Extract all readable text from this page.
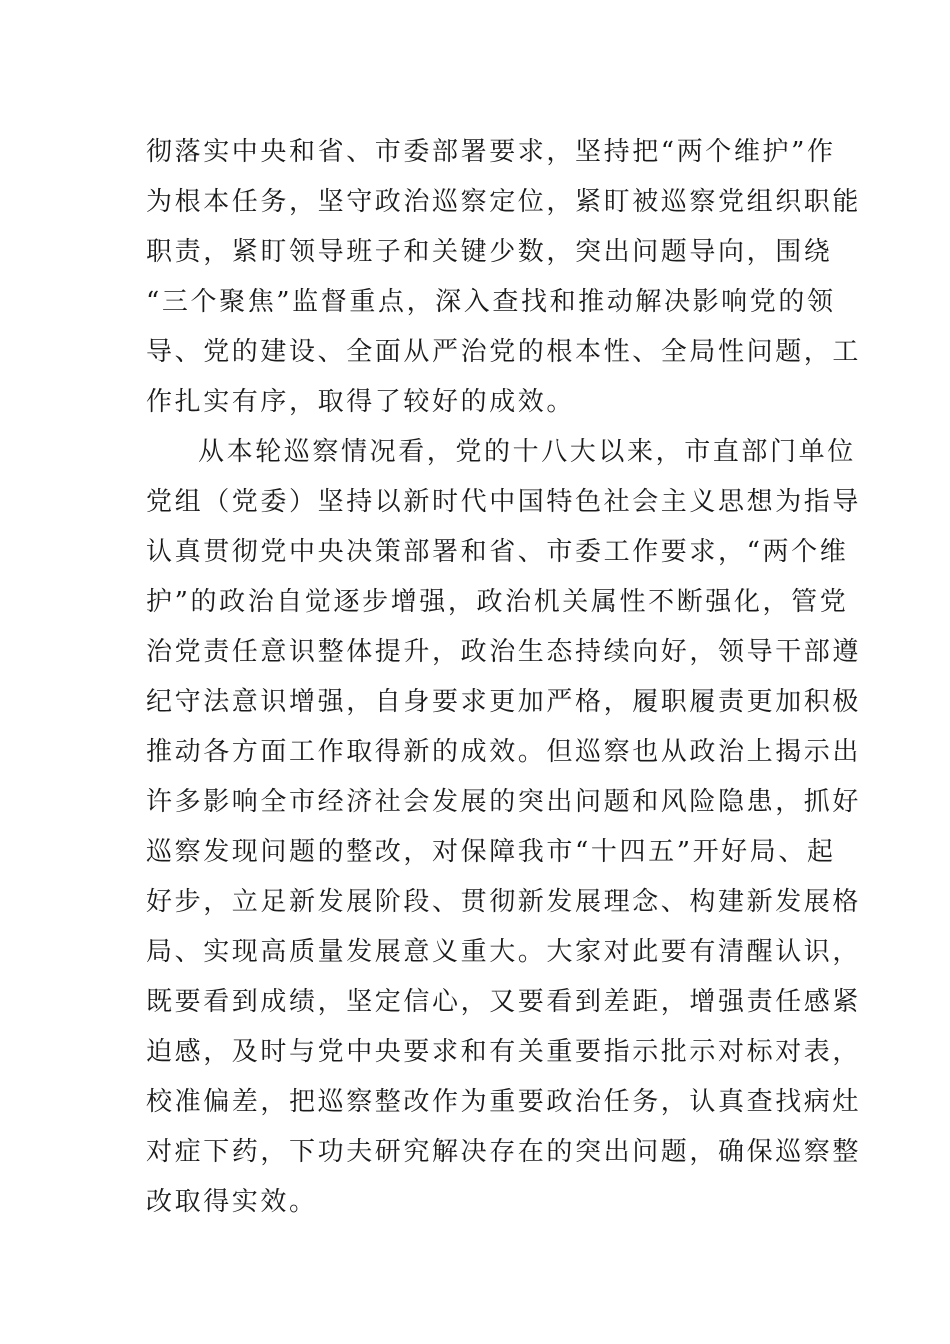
彻落实中央和省、市委部署要求，坚持把“两个维护”作
为根本任务，坚守政治巡察定位，紧盯被巡察党组织职能
职责，紧盯领导班子和关键少数，突出问题导向，围绕
“三个聚焦”监督重点，深入查找和推动解决影响党的领
导、党的建设、全面从严治党的根本性、全局性问题，工
作扎实有序，取得了较好的成效。
从本轮巡察情况看，党的十八大以来，市直部门单位
党组（党委）坚持以新时代中国特色社会主义思想为指导
认真贯彻党中央决策部署和省、市委工作要求，“两个维
护”的政治自觉逐步增强，政治机关属性不断强化，管党
治党责任意识整体提升，政治生态持续向好，领导干部遵
纪守法意识增强，自身要求更加严格，履职履责更加积极
推动各方面工作取得新的成效。但巡察也从政治上揭示出
许多影响全市经济社会发展的突出问题和风险隐患，抓好
巡察发现问题的整改，对保障我市“十四五”开好局、起
好步，立足新发展阶段、贯彻新发展理念、构建新发展格
局、实现高质量发展意义重大。大家对此要有清醒认识，
既要看到成绩，坚定信心，又要看到差距，增强责任感紧
迫感，及时与党中央要求和有关重要指示批示对标对表，
校准偏差，把巡察整改作为重要政治任务，认真查找病灶
对症下药，下功夫研究解决存在的突出问题，确保巡察整
改取得实效。
